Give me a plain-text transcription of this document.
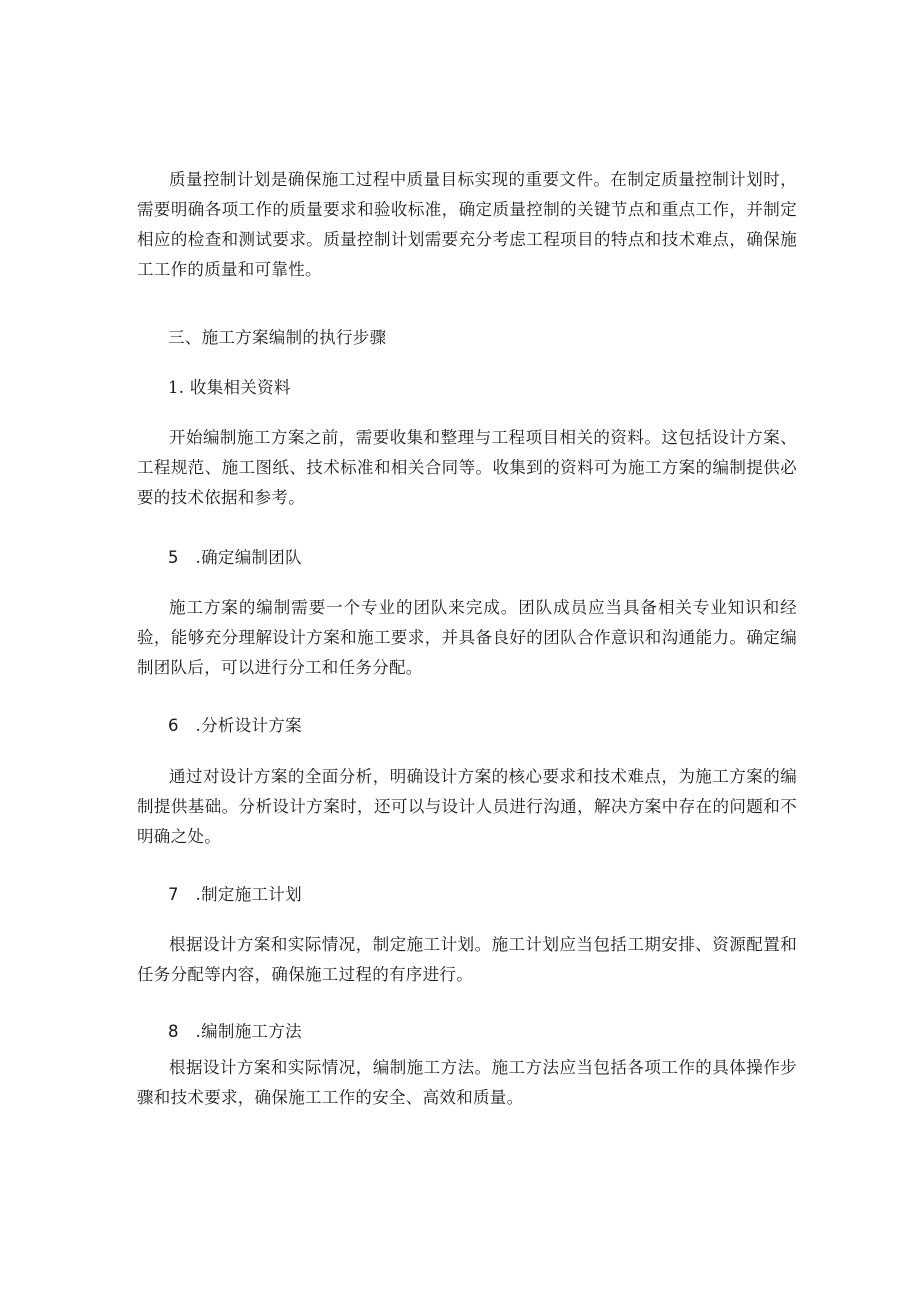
质量控制计划是确保施工过程中质量目标实现的重要文件。在制定质量控制计划时，需要明确各项工作的质量要求和验收标准，确定质量控制的关键节点和重点工作，并制定相应的检查和测试要求。质量控制计划需要充分考虑工程项目的特点和技术难点，确保施工工作的质量和可靠性。

三、施工方案编制的执行步骤

1. 收集相关资料

开始编制施工方案之前，需要收集和整理与工程项目相关的资料。这包括设计方案、工程规范、施工图纸、技术标准和相关合同等。收集到的资料可为施工方案的编制提供必要的技术依据和参考。

5 .确定编制团队

施工方案的编制需要一个专业的团队来完成。团队成员应当具备相关专业知识和经验，能够充分理解设计方案和施工要求，并具备良好的团队合作意识和沟通能力。确定编制团队后，可以进行分工和任务分配。

6 .分析设计方案

通过对设计方案的全面分析，明确设计方案的核心要求和技术难点，为施工方案的编制提供基础。分析设计方案时，还可以与设计人员进行沟通，解决方案中存在的问题和不明确之处。

7 .制定施工计划

根据设计方案和实际情况，制定施工计划。施工计划应当包括工期安排、资源配置和任务分配等内容，确保施工过程的有序进行。

8 .编制施工方法

根据设计方案和实际情况，编制施工方法。施工方法应当包括各项工作的具体操作步骤和技术要求，确保施工工作的安全、高效和质量。
